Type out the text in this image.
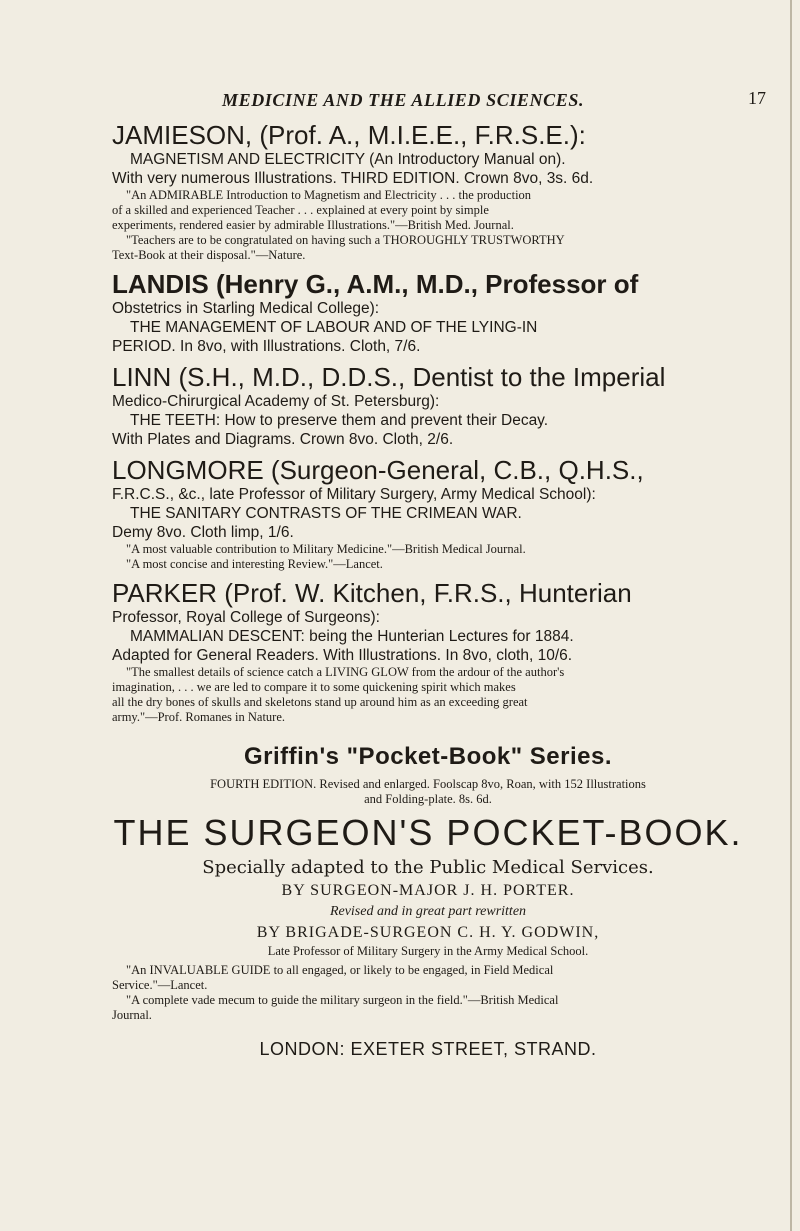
MEDICINE AND THE ALLIED SCIENCES.	17

JAMIESON, (Prof. A., M.I.E.E., F.R.S.E.):

MAGNETISM AND ELECTRICITY (An Introductory Manual on).

With very numerous Illustrations. THIRD EDITION. Crown 8vo, 3s. 6d.

"An ADMIRABLE Introduction to Magnetism and Electricity . . . the production

of a skilled and experienced Teacher . . . explained at every point by simple

experiments, rendered easier by admirable Illustrations."—British Med. Journal.

"Teachers are to be congratulated on having such a THOROUGHLY TRUSTWORTHY

Text-Book at their disposal."—Nature.

LANDIS (Henry G., A.M., M.D., Professor of

Obstetrics in Starling Medical College):

THE MANAGEMENT OF LABOUR AND OF THE LYING-IN

PERIOD. In 8vo, with Illustrations. Cloth, 7/6.

LINN (S.H., M.D., D.D.S., Dentist to the Imperial

Medico-Chirurgical Academy of St. Petersburg):

THE TEETH: How to preserve them and prevent their Decay.

With Plates and Diagrams. Crown 8vo. Cloth, 2/6.

LONGMORE (Surgeon-General, C.B., Q.H.S.,

F.R.C.S., &c., late Professor of Military Surgery, Army Medical School):

THE SANITARY CONTRASTS OF THE CRIMEAN WAR.

Demy 8vo. Cloth limp, 1/6.

"A most valuable contribution to Military Medicine."—British Medical Journal.

"A most concise and interesting Review."—Lancet.

PARKER (Prof. W. Kitchen, F.R.S., Hunterian

Professor, Royal College of Surgeons):

MAMMALIAN DESCENT: being the Hunterian Lectures for 1884.

Adapted for General Readers. With Illustrations. In 8vo, cloth, 10/6.

"The smallest details of science catch a LIVING GLOW from the ardour of the author's

imagination, . . . we are led to compare it to some quickening spirit which makes

all the dry bones of skulls and skeletons stand up around him as an exceeding great

army."—Prof. Romanes in Nature.

Griffin's "Pocket-Book" Series.
FOURTH EDITION. Revised and enlarged. Foolscap 8vo, Roan, with 152 Illustrations
and Folding-plate. 8s. 6d.
THE SURGEON'S POCKET-BOOK.
Specially adapted to the Public Medical Services.
BY SURGEON-MAJOR J. H. PORTER.
Revised and in great part rewritten
BY BRIGADE-SURGEON C. H. Y. GODWIN,
Late Professor of Military Surgery in the Army Medical School.

"An INVALUABLE GUIDE to all engaged, or likely to be engaged, in Field Medical

Service."—Lancet.

"A complete vade mecum to guide the military surgeon in the field."—British Medical

Journal.

LONDON: EXETER STREET, STRAND.
